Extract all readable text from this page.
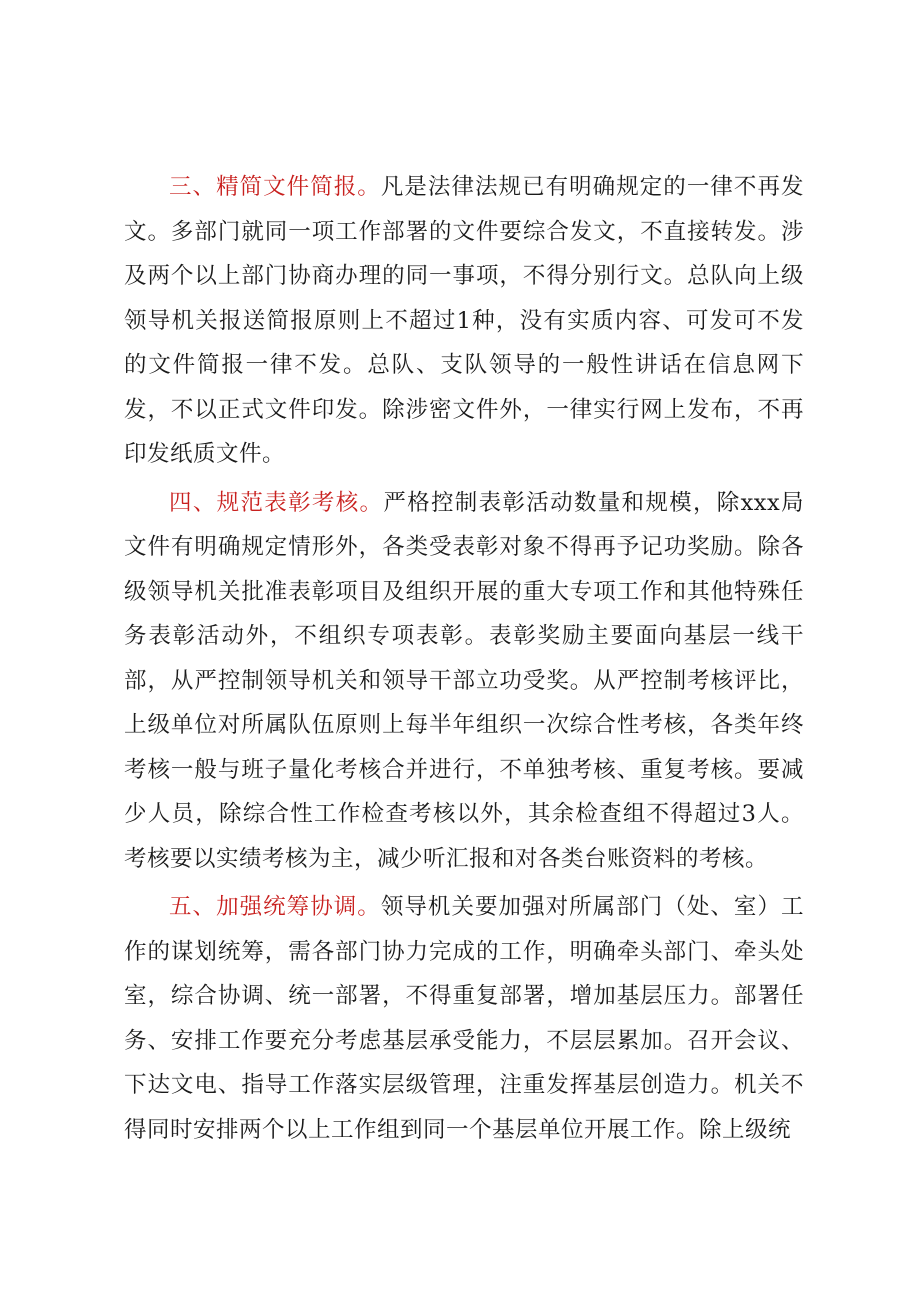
三、精简文件简报。凡是法律法规已有明确规定的一律不再发文。多部门就同一项工作部署的文件要综合发文，不直接转发。涉及两个以上部门协商办理的同一事项，不得分别行文。总队向上级领导机关报送简报原则上不超过1种，没有实质内容、可发可不发的文件简报一律不发。总队、支队领导的一般性讲话在信息网下发，不以正式文件印发。除涉密文件外，一律实行网上发布，不再印发纸质文件。

四、规范表彰考核。严格控制表彰活动数量和规模，除xxx局文件有明确规定情形外，各类受表彰对象不得再予记功奖励。除各级领导机关批准表彰项目及组织开展的重大专项工作和其他特殊任务表彰活动外，不组织专项表彰。表彰奖励主要面向基层一线干部，从严控制领导机关和领导干部立功受奖。从严控制考核评比，上级单位对所属队伍原则上每半年组织一次综合性考核，各类年终考核一般与班子量化考核合并进行，不单独考核、重复考核。要减少人员，除综合性工作检查考核以外，其余检查组不得超过3人。考核要以实绩考核为主，减少听汇报和对各类台账资料的考核。

五、加强统筹协调。领导机关要加强对所属部门（处、室）工作的谋划统筹，需各部门协力完成的工作，明确牵头部门、牵头处室，综合协调、统一部署，不得重复部署，增加基层压力。部署任务、安排工作要充分考虑基层承受能力，不层层累加。召开会议、下达文电、指导工作落实层级管理，注重发挥基层创造力。机关不得同时安排两个以上工作组到同一个基层单位开展工作。除上级统
